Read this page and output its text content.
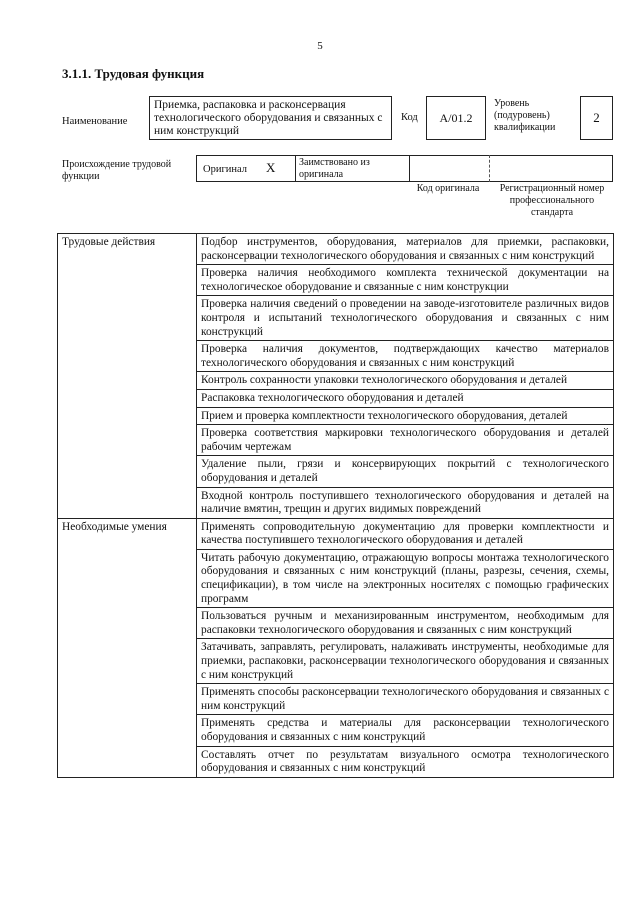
5
3.1.1. Трудовая функция
Наименование
Приемка, распаковка и расконсервация технологического оборудования и связанных с ним конструкций
Код A/01.2
Уровень (подуровень) квалификации
2
Происхождение трудовой функции
Оригинал X Заимствовано из оригинала
Код оригинала	Регистрационный номер профессионального стандарта
Трудовые действия	Подбор инструментов, оборудования, материалов для приемки, распаковки, расконсервации технологического оборудования и связанных с ним конструкций
	Проверка наличия необходимого комплекта технической документации на технологическое оборудование и связанные с ним конструкции
	Проверка наличия сведений о проведении на заводе-изготовителе различных видов контроля и испытаний технологического оборудования и связанных с ним конструкций
	Проверка наличия документов, подтверждающих качество материалов технологического оборудования и связанных с ним конструкций
	Контроль сохранности упаковки технологического оборудования и деталей
	Распаковка технологического оборудования и деталей
	Прием и проверка комплектности технологического оборудования, деталей
	Проверка соответствия маркировки технологического оборудования и деталей рабочим чертежам
	Удаление пыли, грязи и консервирующих покрытий с технологического оборудования и деталей
	Входной контроль поступившего технологического оборудования и деталей на наличие вмятин, трещин и других видимых повреждений
Необходимые умения	Применять сопроводительную документацию для проверки комплектности и качества поступившего технологического оборудования и деталей
	Читать рабочую документацию, отражающую вопросы монтажа технологического оборудования и связанных с ним конструкций (планы, разрезы, сечения, схемы, спецификации), в том числе на электронных носителях с помощью графических программ
	Пользоваться ручным и механизированным инструментом, необходимым для распаковки технологического оборудования и связанных с ним конструкций
	Затачивать, заправлять, регулировать, налаживать инструменты, необходимые для приемки, распаковки, расконсервации технологического оборудования и связанных с ним конструкций
	Применять способы расконсервации технологического оборудования и связанных с ним конструкций
	Применять средства и материалы для расконсервации технологического оборудования и связанных с ним конструкций
	Составлять отчет по результатам визуального осмотра технологического оборудования и связанных с ним конструкций
